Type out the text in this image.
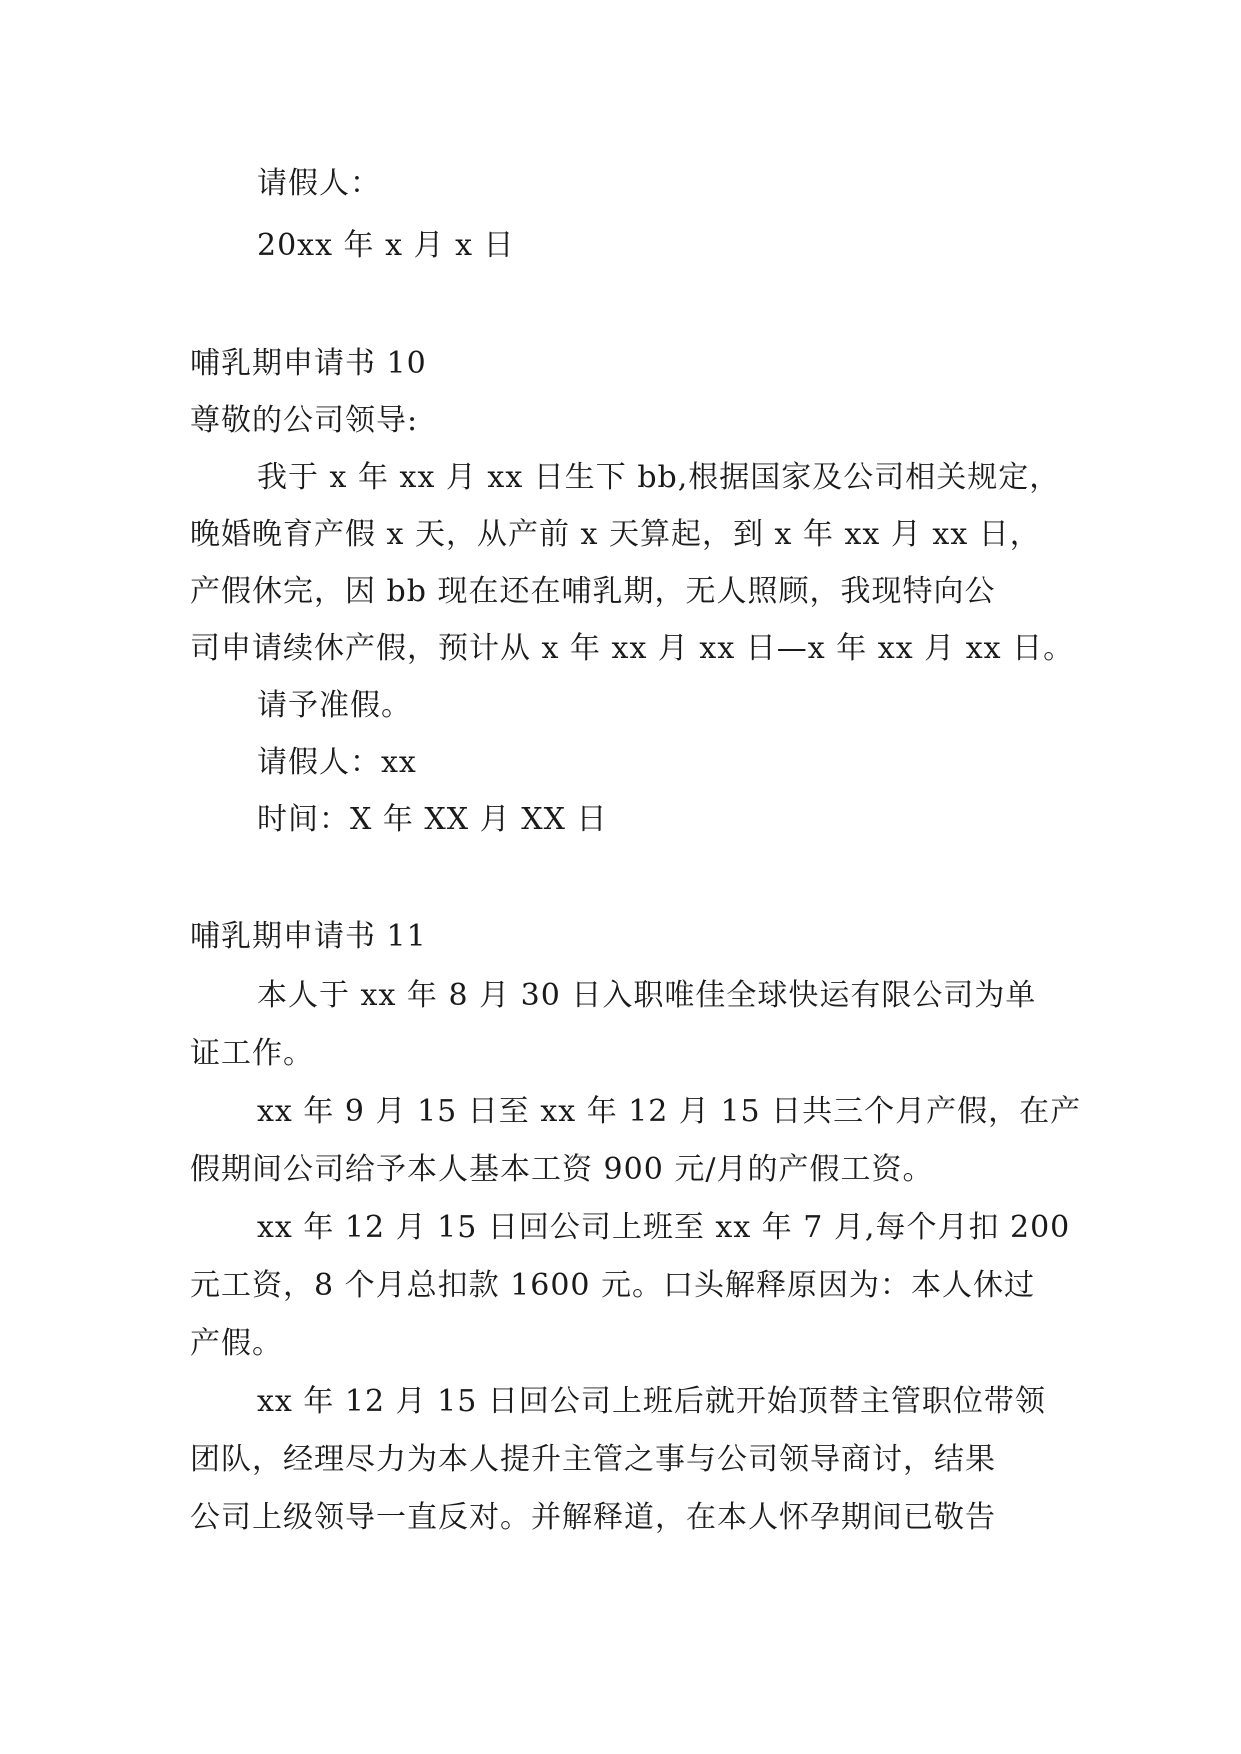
请假人：
20xx 年 x 月 x 日
哺乳期申请书 10
尊敬的公司领导:
我于 x 年 xx 月 xx 日生下 bb,根据国家及公司相关规定，
晚婚晚育产假 x 天，从产前 x 天算起，到 x 年 xx 月 xx 日，
产假休完，因 bb 现在还在哺乳期，无人照顾，我现特向公
司申请续休产假，预计从 x 年 xx 月 xx 日—x 年 xx 月 xx 日。
请予准假。
请假人：xx
时间：X 年 XX 月 XX 日
哺乳期申请书 11
本人于 xx 年 8 月 30 日入职唯佳全球快运有限公司为单
证工作。
xx 年 9 月 15 日至 xx 年 12 月 15 日共三个月产假，在产
假期间公司给予本人基本工资 900 元/月的产假工资。
xx 年 12 月 15 日回公司上班至 xx 年 7 月,每个月扣 200
元工资，8 个月总扣款 1600 元。口头解释原因为：本人休过
产假。
xx 年 12 月 15 日回公司上班后就开始顶替主管职位带领
团队，经理尽力为本人提升主管之事与公司领导商讨，结果
公司上级领导一直反对。并解释道，在本人怀孕期间已敬告
